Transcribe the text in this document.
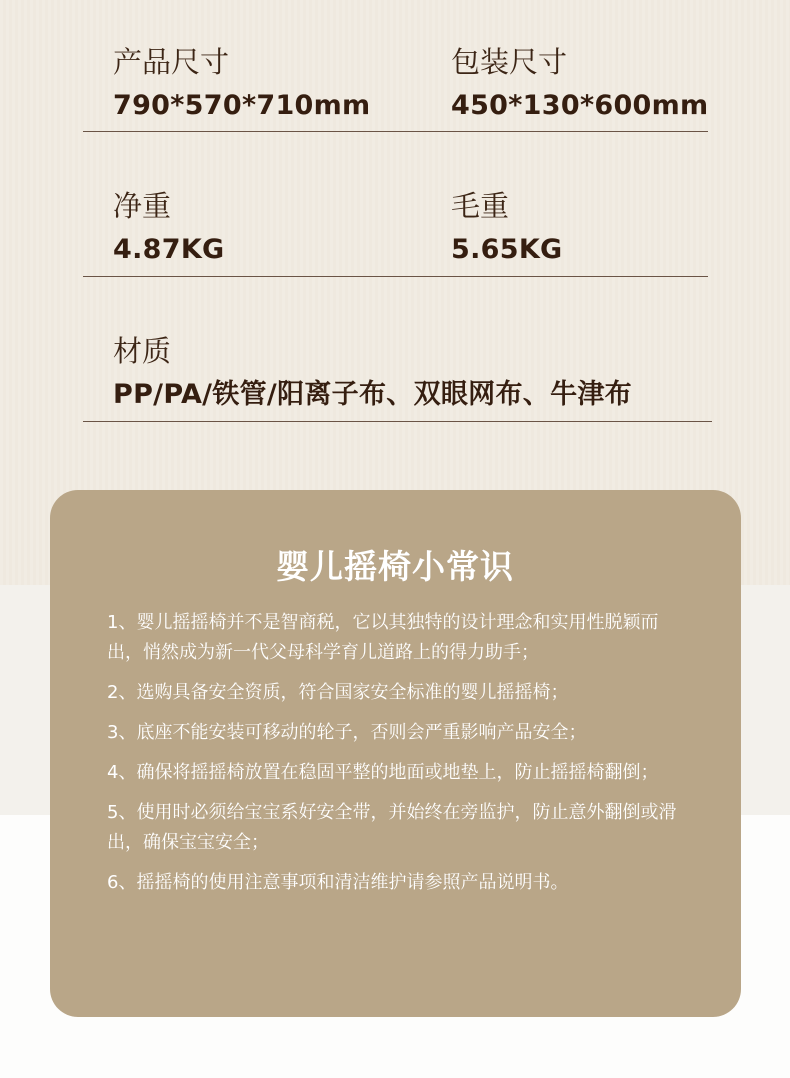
产品尺寸
790*570*710mm
包装尺寸
450*130*600mm
净重
4.87KG
毛重
5.65KG
材质
PP/PA/铁管/阳离子布、双眼网布、牛津布
婴儿摇椅小常识

1、婴儿摇摇椅并不是智商税，它以其独特的设计理念和实用性脱颖而出，悄然成为新一代父母科学育儿道路上的得力助手；

2、选购具备安全资质，符合国家安全标准的婴儿摇摇椅；

3、底座不能安装可移动的轮子，否则会严重影响产品安全；

4、确保将摇摇椅放置在稳固平整的地面或地垫上，防止摇摇椅翻倒；

5、使用时必须给宝宝系好安全带，并始终在旁监护，防止意外翻倒或滑出，确保宝宝安全；

6、摇摇椅的使用注意事项和清洁维护请参照产品说明书。
